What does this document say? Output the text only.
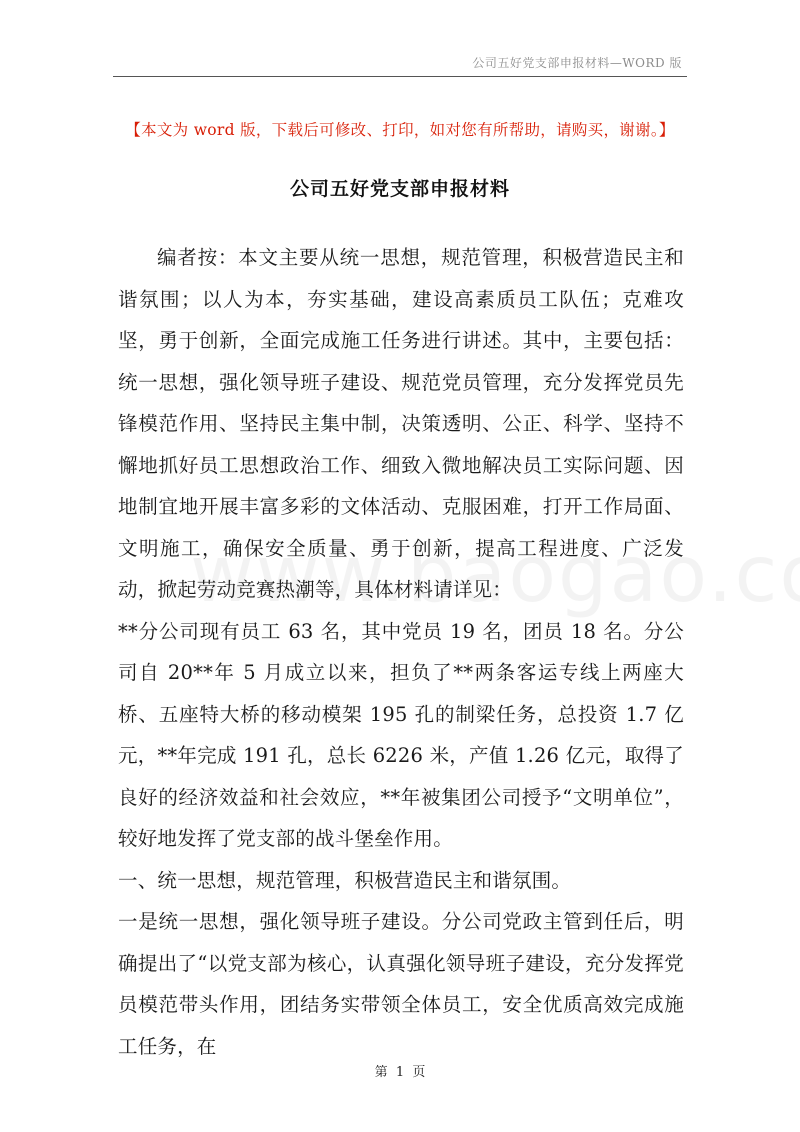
公司五好党支部申报材料—WORD 版
【本文为 word 版，下载后可修改、打印，如对您有所帮助，请购买，谢谢。】
公司五好党支部申报材料

编者按：本文主要从统一思想，规范管理，积极营造民主和谐氛围；以人为本，夯实基础，建设高素质员工队伍；克难攻坚，勇于创新，全面完成施工任务进行讲述。其中，主要包括：统一思想，强化领导班子建设、规范党员管理，充分发挥党员先锋模范作用、坚持民主集中制，决策透明、公正、科学、坚持不懈地抓好员工思想政治工作、细致入微地解决员工实际问题、因地制宜地开展丰富多彩的文体活动、克服困难，打开工作局面、文明施工，确保安全质量、勇于创新，提高工程进度、广泛发动，掀起劳动竞赛热潮等，具体材料请详见：

**分公司现有员工 63 名，其中党员 19 名，团员 18 名。分公司自 20**年 5 月成立以来，担负了**两条客运专线上两座大桥、五座特大桥的移动模架 195 孔的制梁任务，总投资 1.7 亿元，**年完成 191 孔，总长 6226 米，产值 1.26 亿元，取得了良好的经济效益和社会效应，**年被集团公司授予“文明单位”，较好地发挥了党支部的战斗堡垒作用。

一、统一思想，规范管理，积极营造民主和谐氛围。

一是统一思想，强化领导班子建设。分公司党政主管到任后，明确提出了“以党支部为核心，认真强化领导班子建设，充分发挥党员模范带头作用，团结务实带领全体员工，安全优质高效完成施工任务，在

第  1  页
